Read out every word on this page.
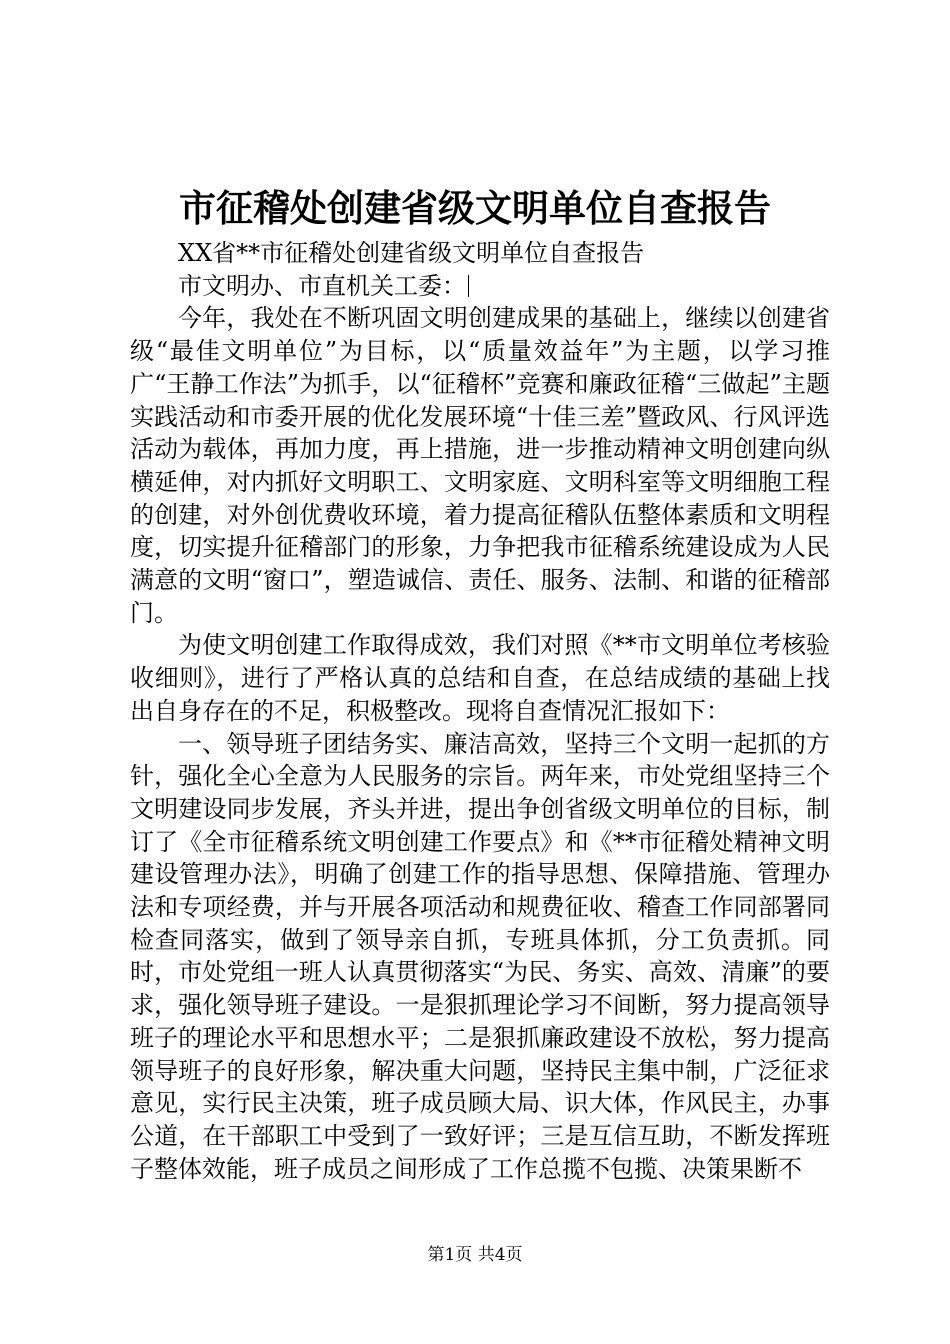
市征稽处创建省级文明单位自查报告

XX省**市征稽处创建省级文明单位自查报告

市文明办、市直机关工委：

今年，我处在不断巩固文明创建成果的基础上，继续以创建省级“最佳文明单位”为目标，以“质量效益年”为主题，以学习推广“王静工作法”为抓手，以“征稽杯”竞赛和廉政征稽“三做起”主题实践活动和市委开展的优化发展环境“十佳三差”暨政风、行风评选活动为载体，再加力度，再上措施，进一步推动精神文明创建向纵横延伸，对内抓好文明职工、文明家庭、文明科室等文明细胞工程的创建，对外创优费收环境，着力提高征稽队伍整体素质和文明程度，切实提升征稽部门的形象，力争把我市征稽系统建设成为人民满意的文明“窗口”，塑造诚信、责任、服务、法制、和谐的征稽部门。

为使文明创建工作取得成效，我们对照《**市文明单位考核验收细则》，进行了严格认真的总结和自查，在总结成绩的基础上找出自身存在的不足，积极整改。现将自查情况汇报如下：

一、领导班子团结务实、廉洁高效，坚持三个文明一起抓的方针，强化全心全意为人民服务的宗旨。两年来，市处党组坚持三个文明建设同步发展，齐头并进，提出争创省级文明单位的目标，制订了《全市征稽系统文明创建工作要点》和《**市征稽处精神文明建设管理办法》，明确了创建工作的指导思想、保障措施、管理办法和专项经费，并与开展各项活动和规费征收、稽查工作同部署同检查同落实，做到了领导亲自抓，专班具体抓，分工负责抓。同时，市处党组一班人认真贯彻落实“为民、务实、高效、清廉”的要求，强化领导班子建设。一是狠抓理论学习不间断，努力提高领导班子的理论水平和思想水平；二是狠抓廉政建设不放松，努力提高领导班子的良好形象，解决重大问题，坚持民主集中制，广泛征求意见，实行民主决策，班子成员顾大局、识大体，作风民主，办事公道，在干部职工中受到了一致好评；三是互信互助，不断发挥班子整体效能，班子成员之间形成了工作总揽不包揽、决策果断不

第1页 共4页
